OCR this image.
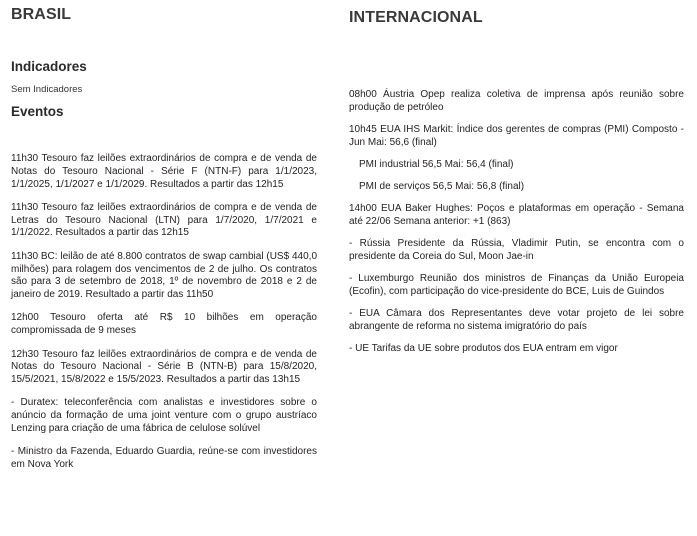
BRASIL
Indicadores

Sem Indicadores

Eventos

11h30 Tesouro faz leilões extraordinários de compra e de venda de Notas do Tesouro Nacional - Série F (NTN-F) para 1/1/2023, 1/1/2025, 1/1/2027 e 1/1/2029. Resultados a partir das 12h15

11h30 Tesouro faz leilões extraordinários de compra e de venda de Letras do Tesouro Nacional (LTN) para 1/7/2020, 1/7/2021 e 1/1/2022. Resultados a partir das 12h15

11h30 BC: leilão de até 8.800 contratos de swap cambial (US$ 440,0 milhões) para rolagem dos vencimentos de 2 de julho. Os contratos são para 3 de setembro de 2018, 1º de novembro de 2018 e 2 de janeiro de 2019. Resultado a partir das 11h50

12h00 Tesouro oferta até R$ 10 bilhões em operação compromissada de 9 meses

12h30 Tesouro faz leilões extraordinários de compra e de venda de Notas do Tesouro Nacional - Série B (NTN-B) para 15/8/2020, 15/5/2021, 15/8/2022 e 15/5/2023. Resultados a partir das 13h15

- Duratex: teleconferência com analistas e investidores sobre o anúncio da formação de uma joint venture com o grupo austríaco Lenzing para criação de uma fábrica de celulose solúvel

- Ministro da Fazenda, Eduardo Guardia, reúne-se com investidores em Nova York

INTERNACIONAL

08h00 Áustria Opep realiza coletiva de imprensa após reunião sobre produção de petróleo

10h45 EUA IHS Markit: Índice dos gerentes de compras (PMI) Composto - Jun Mai: 56,6 (final)

PMI industrial 56,5 Mai: 56,4 (final)

PMI de serviços 56,5 Mai: 56,8 (final)

14h00 EUA Baker Hughes: Poços e plataformas em operação - Semana até 22/06 Semana anterior: +1 (863)

- Rússia Presidente da Rússia, Vladimir Putin, se encontra com o presidente da Coreia do Sul, Moon Jae-in

- Luxemburgo Reunião dos ministros de Finanças da União Europeia (Ecofin), com participação do vice-presidente do BCE, Luis de Guindos

- EUA Câmara dos Representantes deve votar projeto de lei sobre abrangente de reforma no sistema imigratório do país

- UE Tarifas da UE sobre produtos dos EUA entram em vigor
